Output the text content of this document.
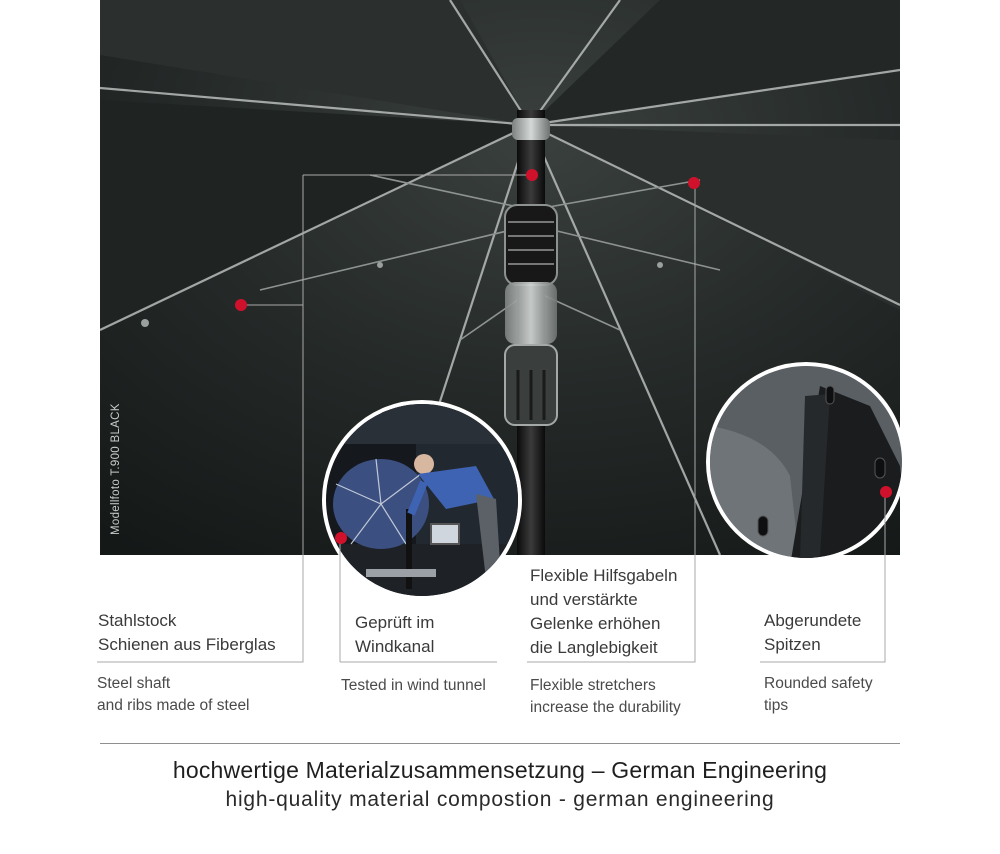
Modellfoto T.900 BLACK
Stahlstock
Schienen aus Fiberglas
Steel shaft
and ribs made of steel
Geprüft im
Windkanal
Tested in wind tunnel
Flexible Hilfsgabeln
und verstärkte
Gelenke erhöhen
die Langlebigkeit
Flexible stretchers
increase the durability
Abgerundete
Spitzen
Rounded safety
tips
hochwertige Materialzusammensetzung – German Engineering
high-quality material compostion - german engineering
